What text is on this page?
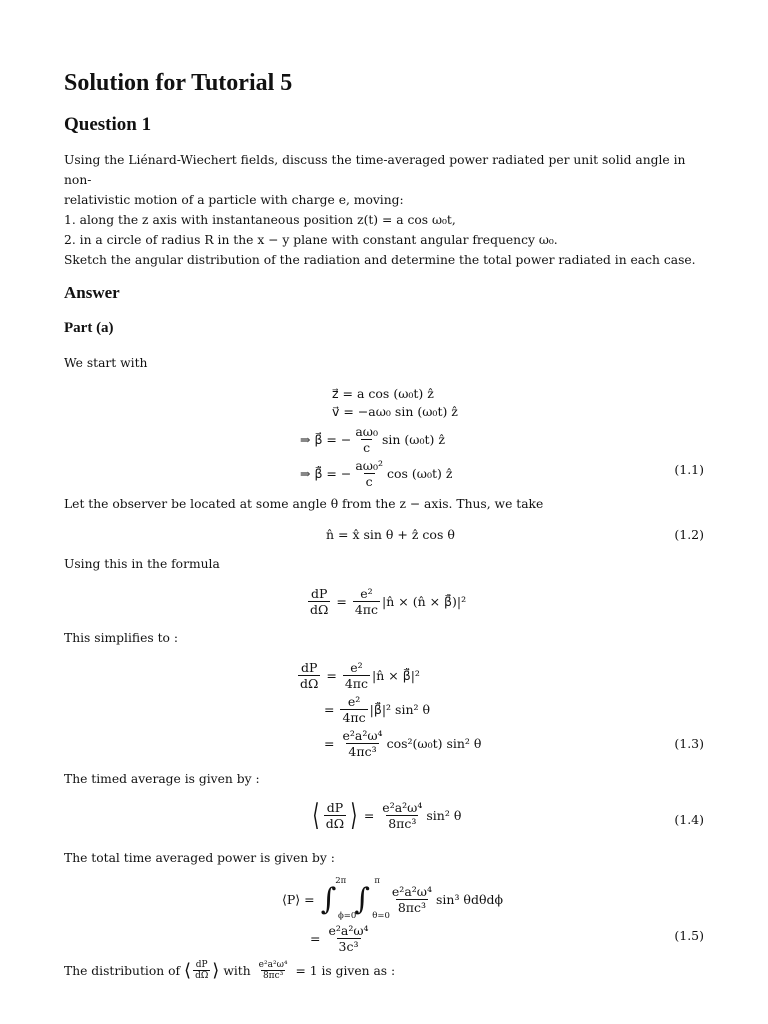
Solution for Tutorial 5
Question 1
Using the Liénard-Wiechert fields, discuss the time-averaged power radiated per unit solid angle in non-
relativistic motion of a particle with charge e, moving:
1. along the z axis with instantaneous position z(t) = a cos ω₀t,
2. in a circle of radius R in the x − y plane with constant angular frequency ω₀.
Sketch the angular distribution of the radiation and determine the total power radiated in each case.
Answer
Part (a)
We start with
z⃗ = a cos (ω₀t) ẑ
v⃗ = −aω₀ sin (ω₀t) ẑ
⇒ β⃗ = − $\frac{\text{aω₀}}{c}$ sin (ω₀t) ẑ
⇒ β̇⃗ = − $\frac{\text{aω₀²}}{c}$ cos (ω₀t) ẑ	(1.1)
Let the observer be located at some angle θ from the z − axis. Thus, we take
n̂ = x̂ sin θ + ẑ cos θ	(1.2)
Using this in the formula
$\frac{dP}{d\Omega} = \frac{\text{e²}}{4\pi c}$ |n̂ × (n̂ × β̇⃗)|²
This simplifies to :
$\frac{dP}{d\Omega} = \frac{\text{e²}}{4\pi c}$ |n̂ × β̇⃗|²
= $\frac{\text{e²}}{4\pi c}$ |β̇⃗|² sin² θ
= $\frac{\text{e²a²ω⁴}}{\text{4πc³}} \cos^2(\omega_0t)$ sin² θ	(1.3)
The timed average is given by :
⟨ $\frac{dP}{d\Omega}$ ⟩ = $\frac{\text{e²a²ω⁴}}{\text{8πc³}} \sin^2$ θ	(1.4)
The total time averaged power is given by :
⟨P⟩ = ∫
2π
ϕ=0
∫
π
θ=0
$\frac{\text{e²a²ω⁴}}{\text{8πc³}} \sin^3$ θdθdϕ
= $\frac{\text{e²a²ω⁴}}{\text{3c³}}$	(1.5)
The distribution of ⟨ $\frac{dP}{d\Omega}$ ⟩ with $\frac{\text{e²a²ω⁴}}{\text{8πc³}} = 1$ is given as :
